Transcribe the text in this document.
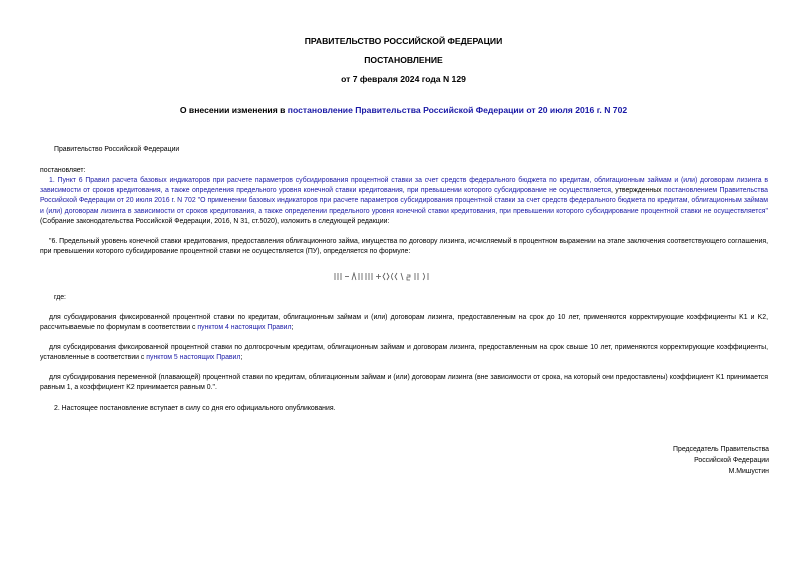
ПРАВИТЕЛЬСТВО РОССИЙСКОЙ ФЕДЕРАЦИИ
ПОСТАНОВЛЕНИЕ
от 7 февраля 2024 года N 129
О внесении изменения в постановление Правительства Российской Федерации от 20 июля 2016 г. N 702
Правительство Российской Федерации
постановляет:
1. Пункт 6 Правил расчета базовых индикаторов при расчете параметров субсидирования процентной ставки за счет средств федерального бюджета по кредитам, облигационным займам и (или) договорам лизинга в зависимости от сроков кредитования, а также определения предельного уровня конечной ставки кредитования, при превышении которого субсидирование не осуществляется, утвержденных постановлением Правительства Российской Федерации от 20 июля 2016 г. N 702 "О применении базовых индикаторов при расчете параметров субсидирования процентной ставки за счет средств федерального бюджета по кредитам, облигационным займам и (или) договорам лизинга в зависимости от сроков кредитования, а также определении предельного уровня конечной ставки кредитования, при превышении которого субсидирование процентной ставки не осуществляется" (Собрание законодательства Российской Федерации, 2016, N 31, ст.5020), изложить в следующей редакции:
"6. Предельный уровень конечной ставки кредитования, предоставления облигационного займа, имущества по договору лизинга, исчисляемый в процентном выражении на этапе заключения соответствующего соглашения, при превышении которого субсидирование процентной ставки не осуществляется (ПУ), определяется по формуле:
где:
для субсидирования фиксированной процентной ставки по кредитам, облигационным займам и (или) договорам лизинга, предоставленным на срок до 10 лет, применяются корректирующие коэффициенты K1 и K2, рассчитываемые по формулам в соответствии с пунктом 4 настоящих Правил;
для субсидирования фиксированной процентной ставки по долгосрочным кредитам, облигационным займам и договорам лизинга, предоставленным на срок свыше 10 лет, применяются корректирующие коэффициенты, установленные в соответствии с пунктом 5 настоящих Правил;
для субсидирования переменной (плавающей) процентной ставки по кредитам, облигационным займам и (или) договорам лизинга (вне зависимости от срока, на который они предоставлены) коэффициент K1 принимается равным 1, а коэффициент K2 принимается равным 0.".
2. Настоящее постановление вступает в силу со дня его официального опубликования.
Председатель Правительства
Российской Федерации
М.Мишустин
